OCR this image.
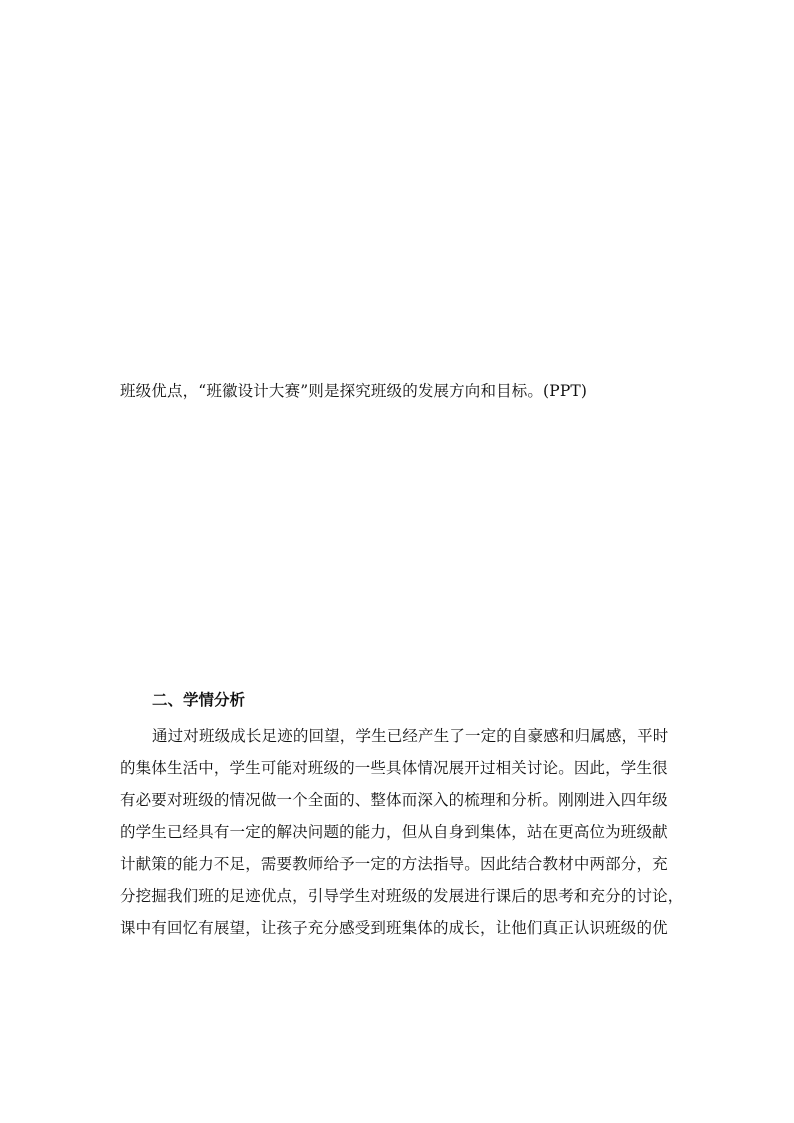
班级优点，“班徽设计大赛”则是探究班级的发展方向和目标。(PPT)
二、学情分析
通过对班级成长足迹的回望，学生已经产生了一定的自豪感和归属感，平时
的集体生活中，学生可能对班级的一些具体情况展开过相关讨论。因此，学生很
有必要对班级的情况做一个全面的、整体而深入的梳理和分析。刚刚进入四年级
的学生已经具有一定的解决问题的能力，但从自身到集体，站在更高位为班级献
计献策的能力不足，需要教师给予一定的方法指导。因此结合教材中两部分，充
分挖掘我们班的足迹优点，引导学生对班级的发展进行课后的思考和充分的讨论，
课中有回忆有展望，让孩子充分感受到班集体的成长，让他们真正认识班级的优
